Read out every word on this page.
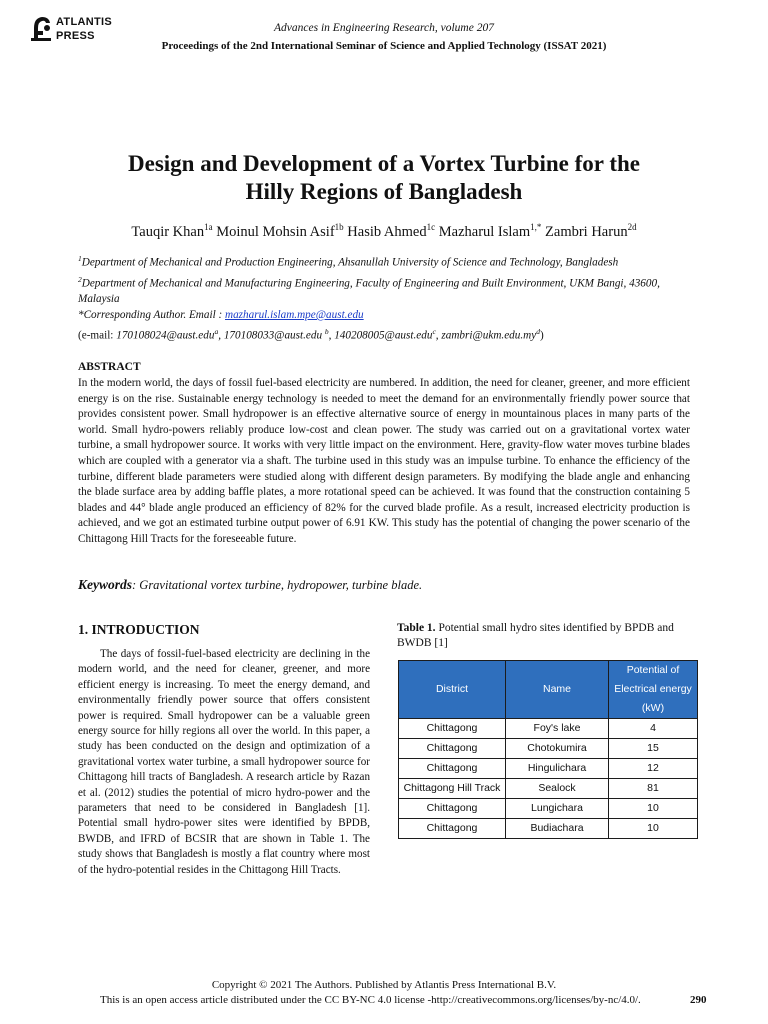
ATLANTIS
PRESS
Advances in Engineering Research, volume 207
Proceedings of the 2nd International Seminar of Science and Applied Technology (ISSAT 2021)
Design and Development of a Vortex Turbine for the
Hilly Regions of Bangladesh
Tauqir Khan$^{1a}$ Moinul Mohsin Asif$^{1b}$ Hasib Ahmed$^{1c}$ Mazharul Islam$^{1,*}$ Zambri Harun$^{2d}$
$^1$Department of Mechanical and Production Engineering, Ahsanullah University of Science and Technology, Bangladesh
$^2$Department of Mechanical and Manufacturing Engineering, Faculty of Engineering and Built Environment, UKM Bangi, 43600, Malaysia
*Corresponding Author. Email : mazharul.islam.mpe@aust.edu
(e-mail: 170108024@aust.edu$^a$, 170108033@aust.edu $^b$, 140208005@aust.edu$^c$, $zambri@ukm.edu.my^d$)
ABSTRACT
In the modern world, the days of fossil fuel-based electricity are numbered. In addition, the need for cleaner, greener, and more efficient energy is on the rise. Sustainable energy technology is needed to meet the demand for an environmentally friendly power source that provides consistent power. Small hydropower is an effective alternative source of energy in mountainous places in many parts of the world. Small hydro-powers reliably produce low-cost and clean power. The study was carried out on a gravitational vortex water turbine, a small hydropower source. It works with very little impact on the environment. Here, gravity-flow water moves turbine blades which are coupled with a generator via a shaft. The turbine used in this study was an impulse turbine. To enhance the efficiency of the turbine, different blade parameters were studied along with different design parameters. By modifying the blade angle and enhancing the blade surface area by adding baffle plates, a more rotational speed can be achieved. It was found that the construction containing 5 blades and 44° blade angle produced an efficiency of 82% for the curved blade profile. As a result, increased electricity production is achieved, and we got an estimated turbine output power of 6.91 KW. This study has the potential of changing the power scenario of the Chittagong Hill Tracts for the foreseeable future.
Keywords: Gravitational vortex turbine, hydropower, turbine blade.
1. INTRODUCTION
The days of fossil-fuel-based electricity are declining in the modern world, and the need for cleaner, greener, and more efficient energy is increasing. To meet the energy demand, and environmentally friendly power source that offers consistent power is required. Small hydropower can be a valuable green energy source for hilly regions all over the world. In this paper, a study has been conducted on the design and optimization of a gravitational vortex water turbine, a small hydropower source for Chittagong hill tracts of Bangladesh. A research article by Razan et al. (2012) studies the potential of micro hydro-power and the parameters that need to be considered in Bangladesh [1]. Potential small hydro-power sites were identified by BPDB, BWDB, and IFRD of BCSIR that are shown in Table 1. The study shows that Bangladesh is mostly a flat country where most of the hydro-potential resides in the Chittagong Hill Tracts.
Table 1. Potential small hydro sites identified by BPDB and BWDB [1]
District	Name	Potential of Electrical energy (kW)
Chittagong	Foy's lake	4
Chittagong	Chotokumira	15
Chittagong	Hingulichara	12
Chittagong Hill Track	Sealock	81
Chittagong	Lungichara	10
Chittagong	Budiachara	10
Copyright © 2021 The Authors. Published by Atlantis Press International B.V.
This is an open access article distributed under the CC BY-NC 4.0 license -http://creativecommons.org/licenses/by-nc/4.0/.	290
